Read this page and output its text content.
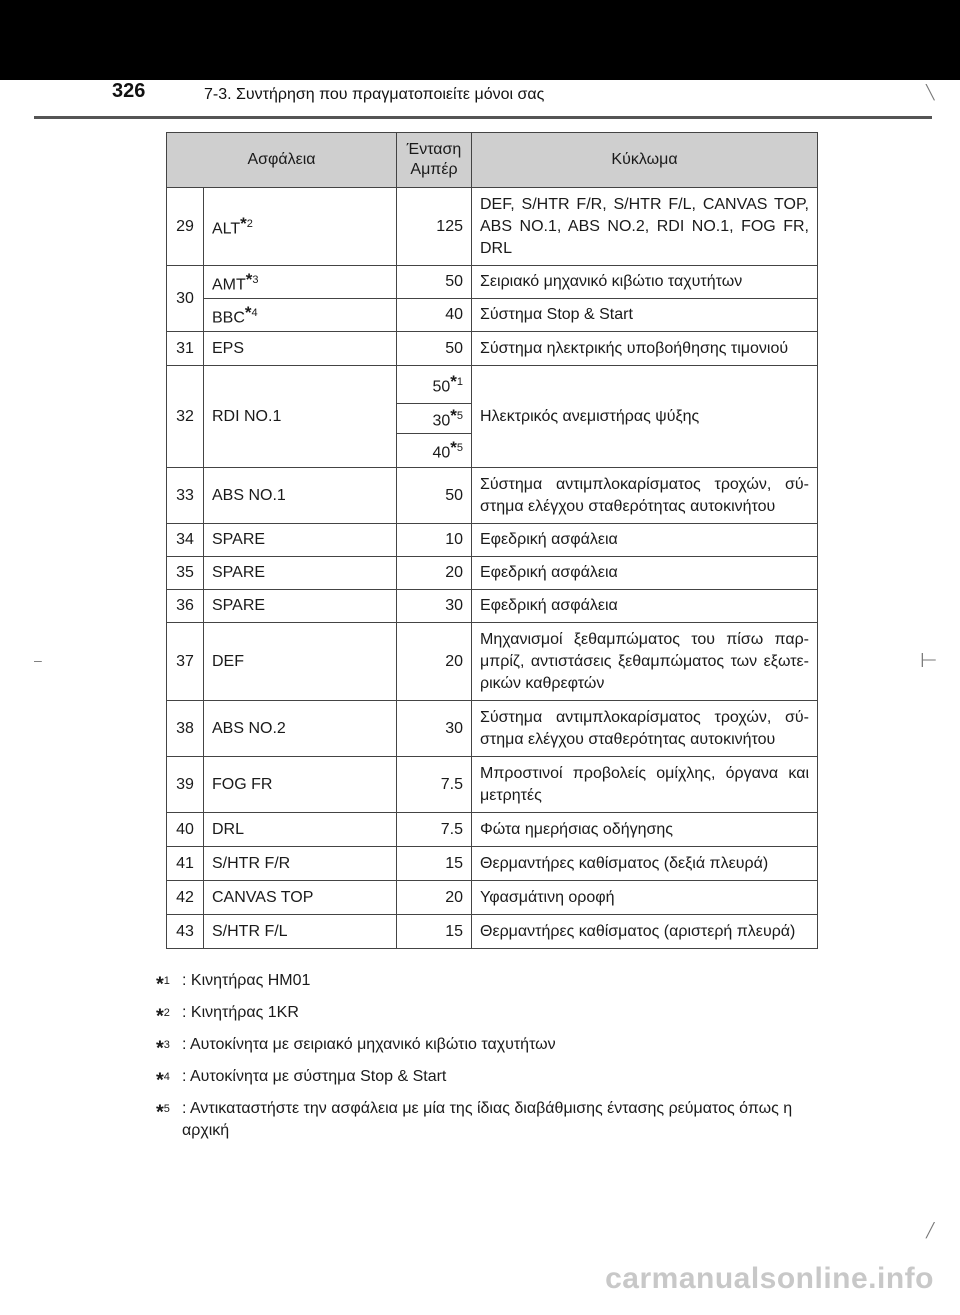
326	7-3. Συντήρηση που πραγματοποιείτε μόνοι σας	╲
–	⊢
╱
Ασφάλεια		Ένταση Αμπέρ	Κύκλωμα
29	ALT$^{*2}$	125	DEF, S/HTR F/R, S/HTR F/L, CANVAS TOP, ABS NO.1, ABS NO.2, RDI NO.1, FOG FR, DRL
30	AMT$^{*3}$	50	Σειριακό μηχανικό κιβώτιο ταχυτήτων
	BBC$^{*4}$	40	Σύστημα Stop & Start
31	EPS	50	Σύστημα ηλεκτρικής υποβοήθησης τιμονιού
32	RDI NO.1	50$^{*1}$	Ηλεκτρικός ανεμιστήρας ψύξης
		30$^{*5}$
		40$^{*5}$
33	ABS NO.1	50	Σύστημα αντιμπλοκαρίσματος τροχών, σύ-στημα ελέγχου σταθερότητας αυτοκινήτου
34	SPARE	10	Εφεδρική ασφάλεια
35	SPARE	20	Εφεδρική ασφάλεια
36	SPARE	30	Εφεδρική ασφάλεια
37	DEF	20	Μηχανισμοί ξεθαμπώματος του πίσω παρ-μπρίζ, αντιστάσεις ξεθαμπώματος των εξωτε-ρικών καθρεφτών
38	ABS NO.2	30	Σύστημα αντιμπλοκαρίσματος τροχών, σύ-στημα ελέγχου σταθερότητας αυτοκινήτου
39	FOG FR	7.5	Μπροστινοί προβολείς ομίχλης, όργανα και μετρητές
40	DRL	7.5	Φώτα ημερήσιας οδήγησης
41	S/HTR F/R	15	Θερμαντήρες καθίσματος (δεξιά πλευρά)
42	CANVAS TOP	20	Υφασμάτινη οροφή
43	S/HTR F/L	15	Θερμαντήρες καθίσματος (αριστερή πλευρά)
*$^1$ : Κινητήρας HM01
*$^2$ : Κινητήρας 1KR
*$^3$ : Αυτοκίνητα με σειριακό μηχανικό κιβώτιο ταχυτήτων
*$^4$ : Αυτοκίνητα με σύστημα Stop & Start
*$^5$ : Αντικαταστήστε την ασφάλεια με μία της ίδιας διαβάθμισης έντασης ρεύματος όπως η αρχική
carmanualsonline.info
